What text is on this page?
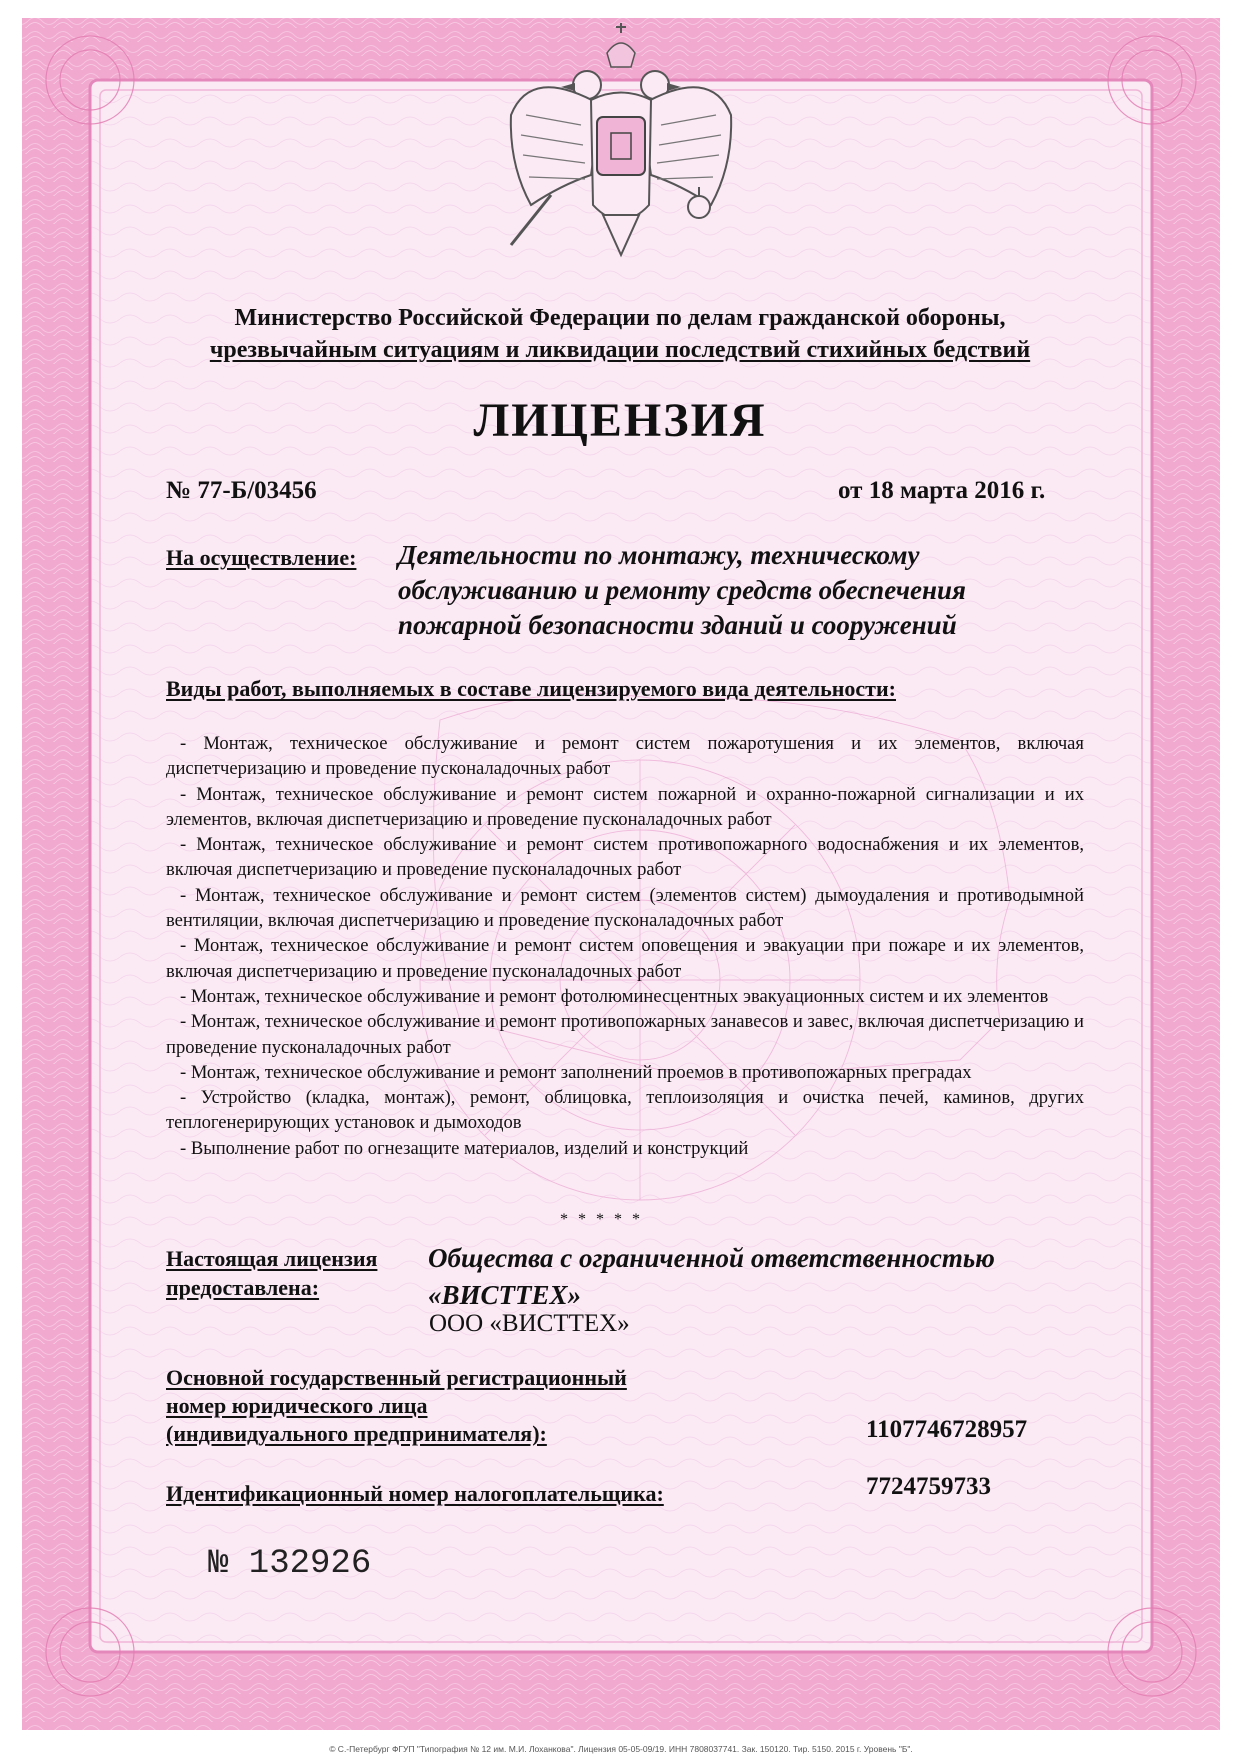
Министерство Российской Федерации по делам гражданской обороны,
чрезвычайным ситуациям и ликвидации последствий стихийных бедствий
ЛИЦЕНЗИЯ
№ 77-Б/03456	от 18 марта 2016 г.
На осуществление: Деятельности по монтажу, техническому
обслуживанию и ремонту средств обеспечения
пожарной безопасности зданий и сооружений
Виды работ, выполняемых в составе лицензируемого вида деятельности:
- Монтаж, техническое обслуживание и ремонт систем пожаротушения и их элементов, включая диспетчеризацию и проведение пусконаладочных работ
- Монтаж, техническое обслуживание и ремонт систем пожарной и охранно-пожарной сигнализации и их элементов, включая диспетчеризацию и проведение пусконаладочных работ
- Монтаж, техническое обслуживание и ремонт систем противопожарного водоснабжения и их элементов, включая диспетчеризацию и проведение пусконаладочных работ
- Монтаж, техническое обслуживание и ремонт систем (элементов систем) дымоудаления и противодымной вентиляции, включая диспетчеризацию и проведение пусконаладочных работ
- Монтаж, техническое обслуживание и ремонт систем оповещения и эвакуации при пожаре и их элементов, включая диспетчеризацию и проведение пусконаладочных работ
- Монтаж, техническое обслуживание и ремонт фотолюминесцентных эвакуационных систем и их элементов
- Монтаж, техническое обслуживание и ремонт противопожарных занавесов и завес, включая диспетчеризацию и проведение пусконаладочных работ
- Монтаж, техническое обслуживание и ремонт заполнений проемов в противопожарных преградах
- Устройство (кладка, монтаж), ремонт, облицовка, теплоизоляция и очистка печей, каминов, других теплогенерирующих установок и дымоходов
- Выполнение работ по огнезащите материалов, изделий и конструкций
* * * * *
Настоящая лицензия
предоставлена:
Общества с ограниченной ответственностью
«ВИСТТЕХ»
ООО «ВИСТТЕХ»
Основной государственный регистрационный
номер юридического лица
(индивидуального предпринимателя):	1107746728957
Идентификационный номер налогоплательщика:	7724759733
№ 132926
© С.-Петербург ФГУП "Типография № 12 им. М.И. Лоханкова". Лицензия 05-05-09/19. ИНН 7808037741. Зак. 150120. Тир. 5150. 2015 г. Уровень "Б".
